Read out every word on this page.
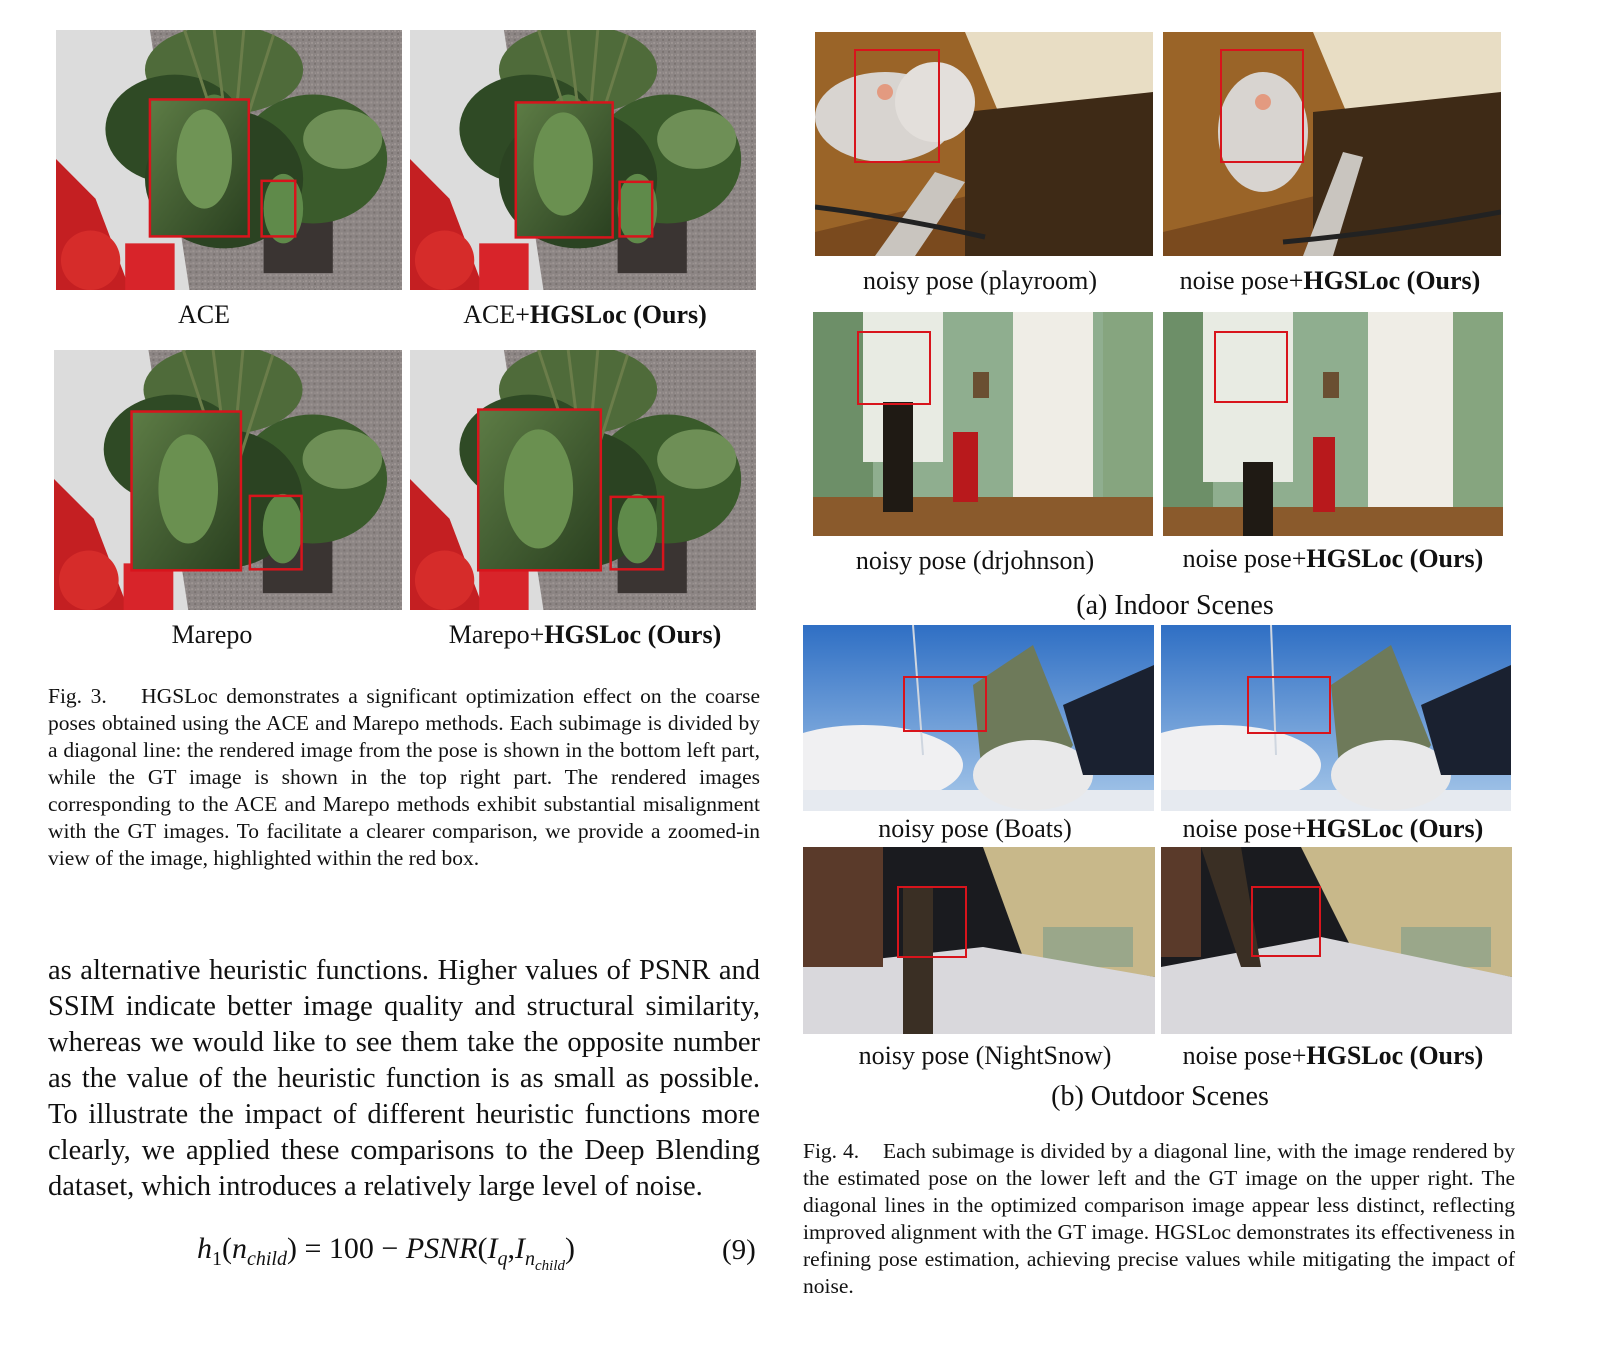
ACE	ACE+HGSLoc (Ours)
Marepo	Marepo+HGSLoc (Ours)
Fig. 3. HGSLoc demonstrates a significant optimization effect on the coarse poses obtained using the ACE and Marepo methods. Each subimage is divided by a diagonal line: the rendered image from the pose is shown in the bottom left part, while the GT image is shown in the top right part. The rendered images corresponding to the ACE and Marepo methods exhibit substantial misalignment with the GT images. To facilitate a clearer comparison, we provide a zoomed-in view of the image, highlighted within the red box.
as alternative heuristic functions. Higher values of PSNR and SSIM indicate better image quality and structural similarity, whereas we would like to see them take the opposite number as the value of the heuristic function is as small as possible. To illustrate the impact of different heuristic functions more clearly, we applied these comparisons to the Deep Blending dataset, which introduces a relatively large level of noise.
$h_1(n_{child}) = 100$ − $PSNR(I_q,I_{n_{child}})$	(9)
noisy pose (playroom)	noise pose+HGSLoc (Ours)
noisy pose (drjohnson)	noise pose+HGSLoc (Ours)
(a) Indoor Scenes
noisy pose (Boats)	noise pose+HGSLoc (Ours)
noisy pose (NightSnow)	noise pose+HGSLoc (Ours)
(b) Outdoor Scenes
Fig. 4. Each subimage is divided by a diagonal line, with the image rendered by the estimated pose on the lower left and the GT image on the upper right. The diagonal lines in the optimized comparison image appear less distinct, reflecting improved alignment with the GT image. HGSLoc demonstrates its effectiveness in refining pose estimation, achieving precise values while mitigating the impact of noise.
